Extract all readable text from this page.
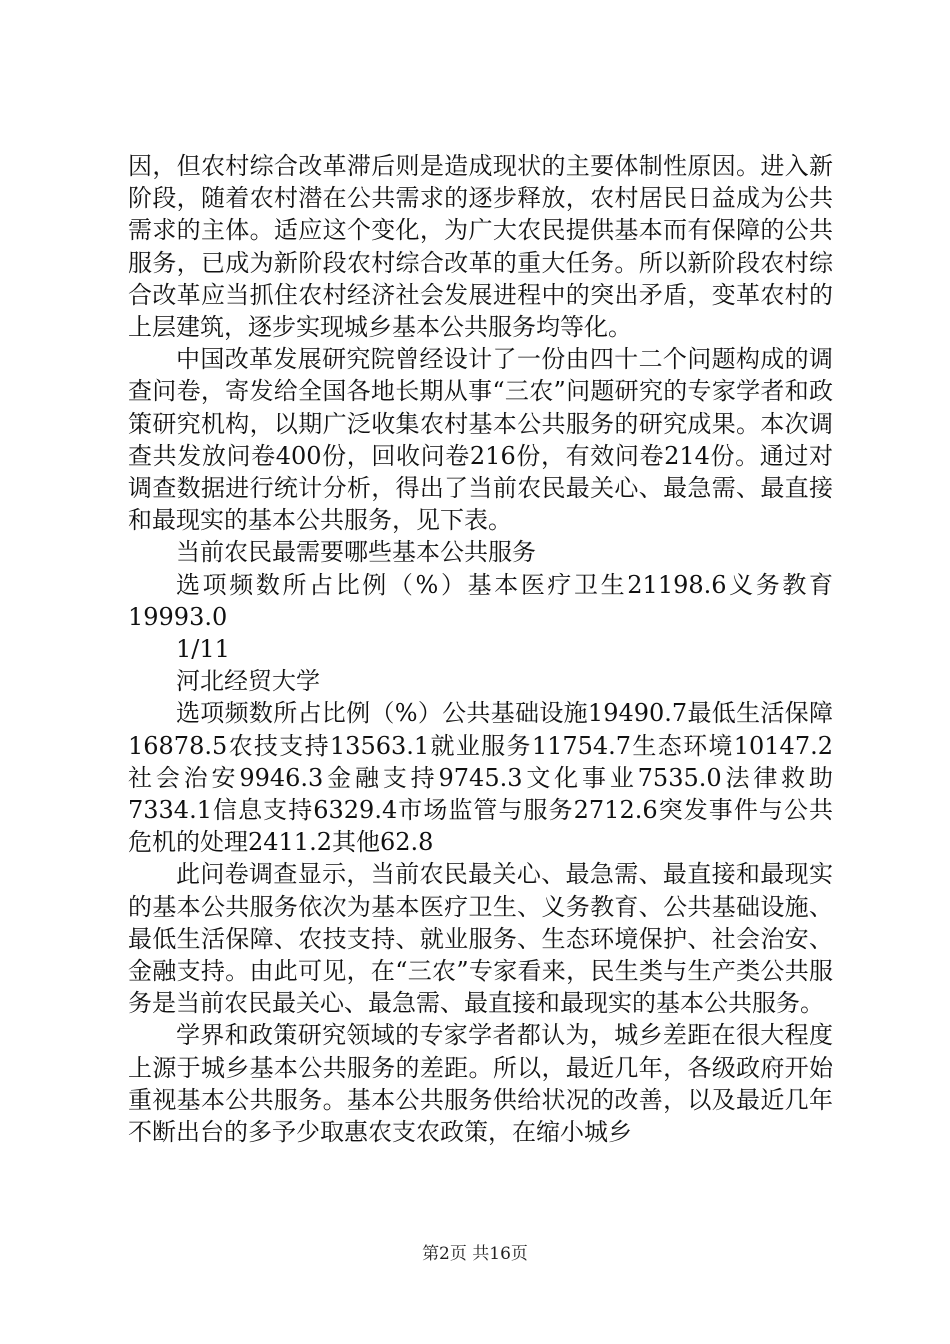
因，但农村综合改革滞后则是造成现状的主要体制性原因。进入新阶段，随着农村潜在公共需求的逐步释放，农村居民日益成为公共需求的主体。适应这个变化，为广大农民提供基本而有保障的公共服务，已成为新阶段农村综合改革的重大任务。所以新阶段农村综合改革应当抓住农村经济社会发展进程中的突出矛盾，变革农村的上层建筑，逐步实现城乡基本公共服务均等化。

中国改革发展研究院曾经设计了一份由四十二个问题构成的调查问卷，寄发给全国各地长期从事“三农”问题研究的专家学者和政策研究机构，以期广泛收集农村基本公共服务的研究成果。本次调查共发放问卷400份，回收问卷216份，有效问卷214份。通过对调查数据进行统计分析，得出了当前农民最关心、最急需、最直接和最现实的基本公共服务，见下表。

当前农民最需要哪些基本公共服务

选项频数所占比例（%）基本医疗卫生21198.6义务教育19993.0

1/11

河北经贸大学

选项频数所占比例（%）公共基础设施19490.7最低生活保障16878.5农技支持13563.1就业服务11754.7生态环境10147.2社会治安9946.3金融支持9745.3文化事业7535.0法律救助7334.1信息支持6329.4市场监管与服务2712.6突发事件与公共危机的处理2411.2其他62.8

此问卷调查显示，当前农民最关心、最急需、最直接和最现实的基本公共服务依次为基本医疗卫生、义务教育、公共基础设施、最低生活保障、农技支持、就业服务、生态环境保护、社会治安、金融支持。由此可见，在“三农”专家看来，民生类与生产类公共服务是当前农民最关心、最急需、最直接和最现实的基本公共服务。

学界和政策研究领域的专家学者都认为，城乡差距在很大程度上源于城乡基本公共服务的差距。所以，最近几年，各级政府开始重视基本公共服务。基本公共服务供给状况的改善，以及最近几年不断出台的多予少取惠农支农政策，在缩小城乡

第2页 共16页
